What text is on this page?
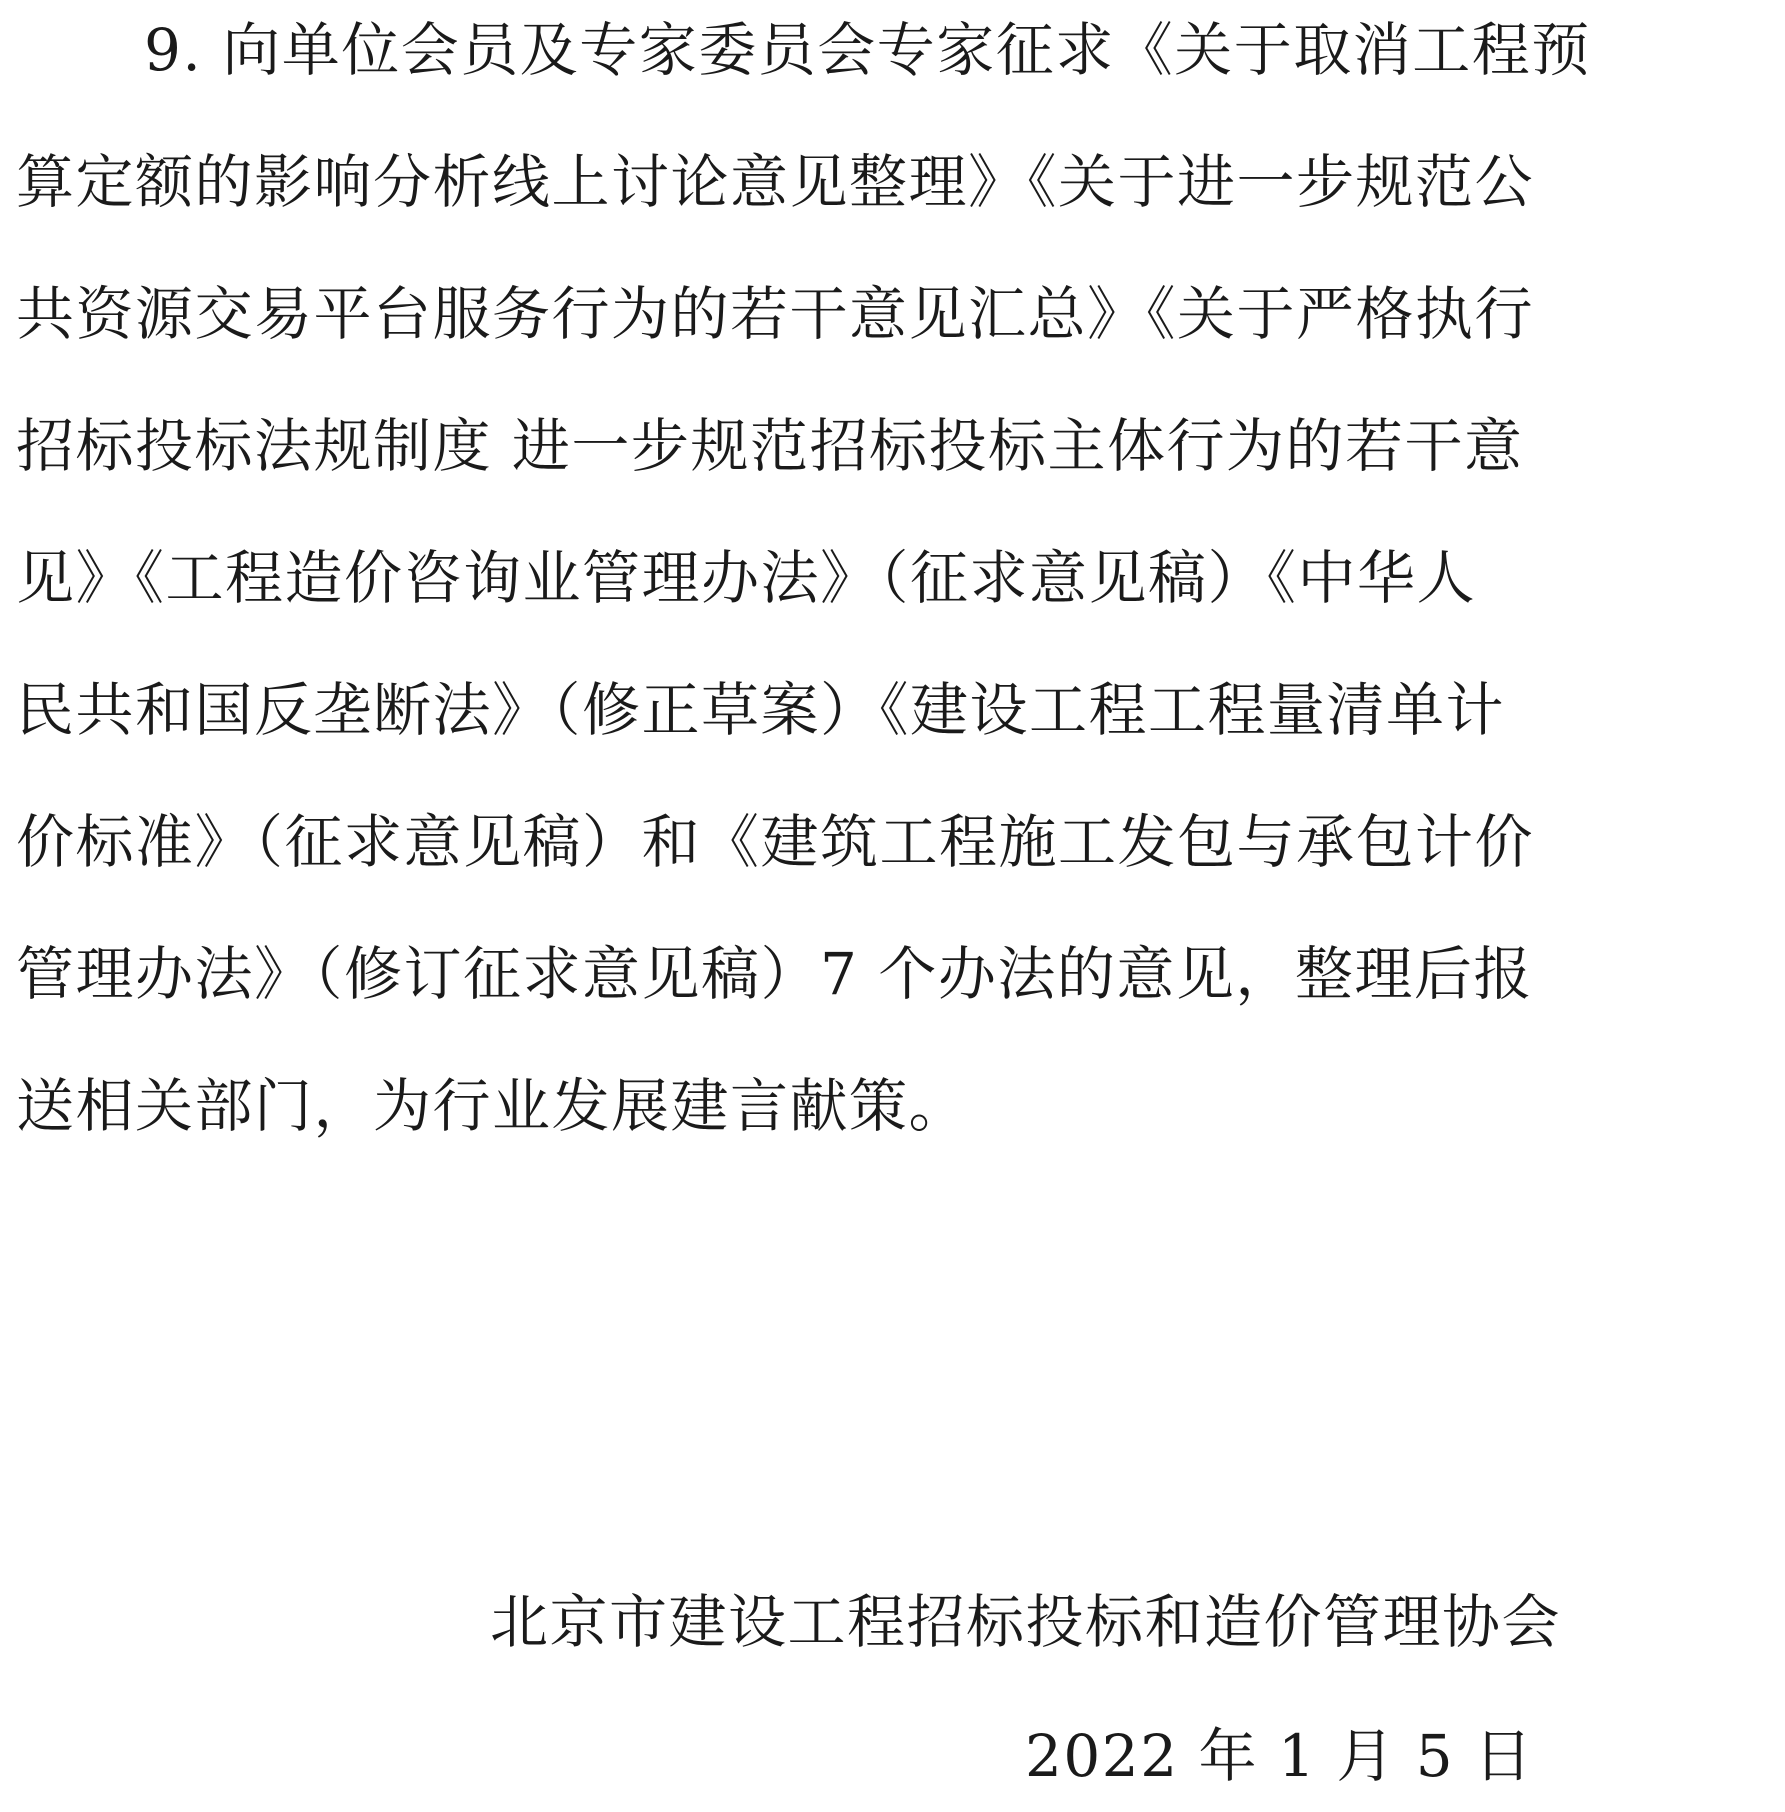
9. 向单位会员及专家委员会专家征求《关于取消工程预
算定额的影响分析线上讨论意见整理》《关于进一步规范公
共资源交易平台服务行为的若干意见汇总》《关于严格执行
招标投标法规制度 进一步规范招标投标主体行为的若干意
见》《工程造价咨询业管理办法》（征求意见稿）《中华人
民共和国反垄断法》（修正草案）《建设工程工程量清单计
价标准》（征求意见稿）和《建筑工程施工发包与承包计价
管理办法》（修订征求意见稿）7 个办法的意见，整理后报
送相关部门，为行业发展建言献策。
北京市建设工程招标投标和造价管理协会
2022 年 1 月 5 日
